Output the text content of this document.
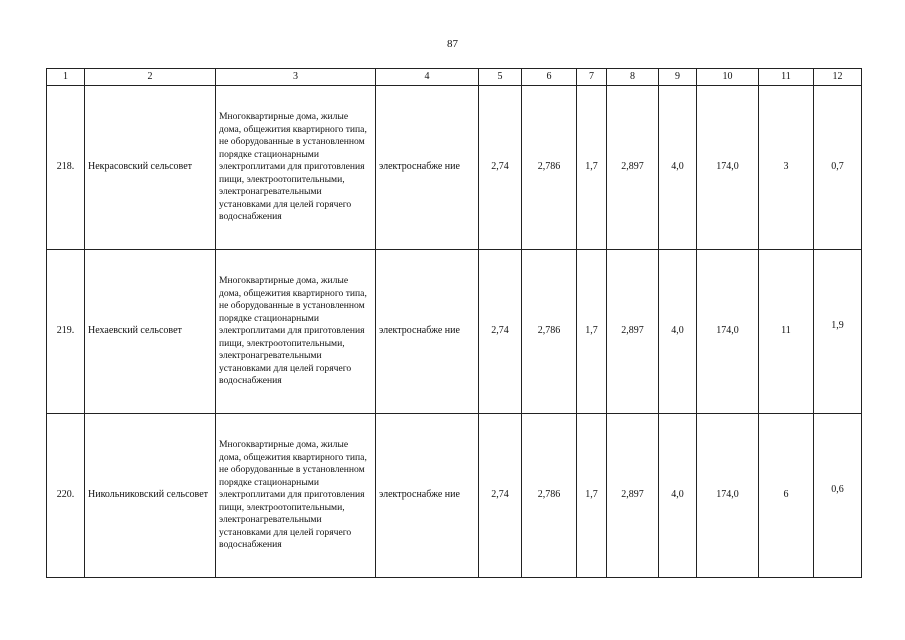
87
1	2	3	4	5	6	7	8	9	10	11	12
218.	Некрасовский сельсовет	Многоквартирные дома, жилые дома, общежития квартирного типа, не оборудованные в установленном порядке стационарными электроплитами для приготовления пищи, электроотопительными, электронагревательными установками для целей горячего водоснабжения	электроснабже ние	2,74	2,786	1,7	2,897	4,0	174,0	3	0,7
219.	Нехаевский сельсовет	Многоквартирные дома, жилые дома, общежития квартирного типа, не оборудованные в установленном порядке стационарными электроплитами для приготовления пищи, электроотопительными, электронагревательными установками для целей горячего водоснабжения	электроснабже ние	2,74	2,786	1,7	2,897	4,0	174,0	11	1,9
220.	Никольниковский сельсовет	Многоквартирные дома, жилые дома, общежития квартирного типа, не оборудованные в установленном порядке стационарными электроплитами для приготовления пищи, электроотопительными, электронагревательными установками для целей горячего водоснабжения	электроснабже ние	2,74	2,786	1,7	2,897	4,0	174,0	6	0,6
